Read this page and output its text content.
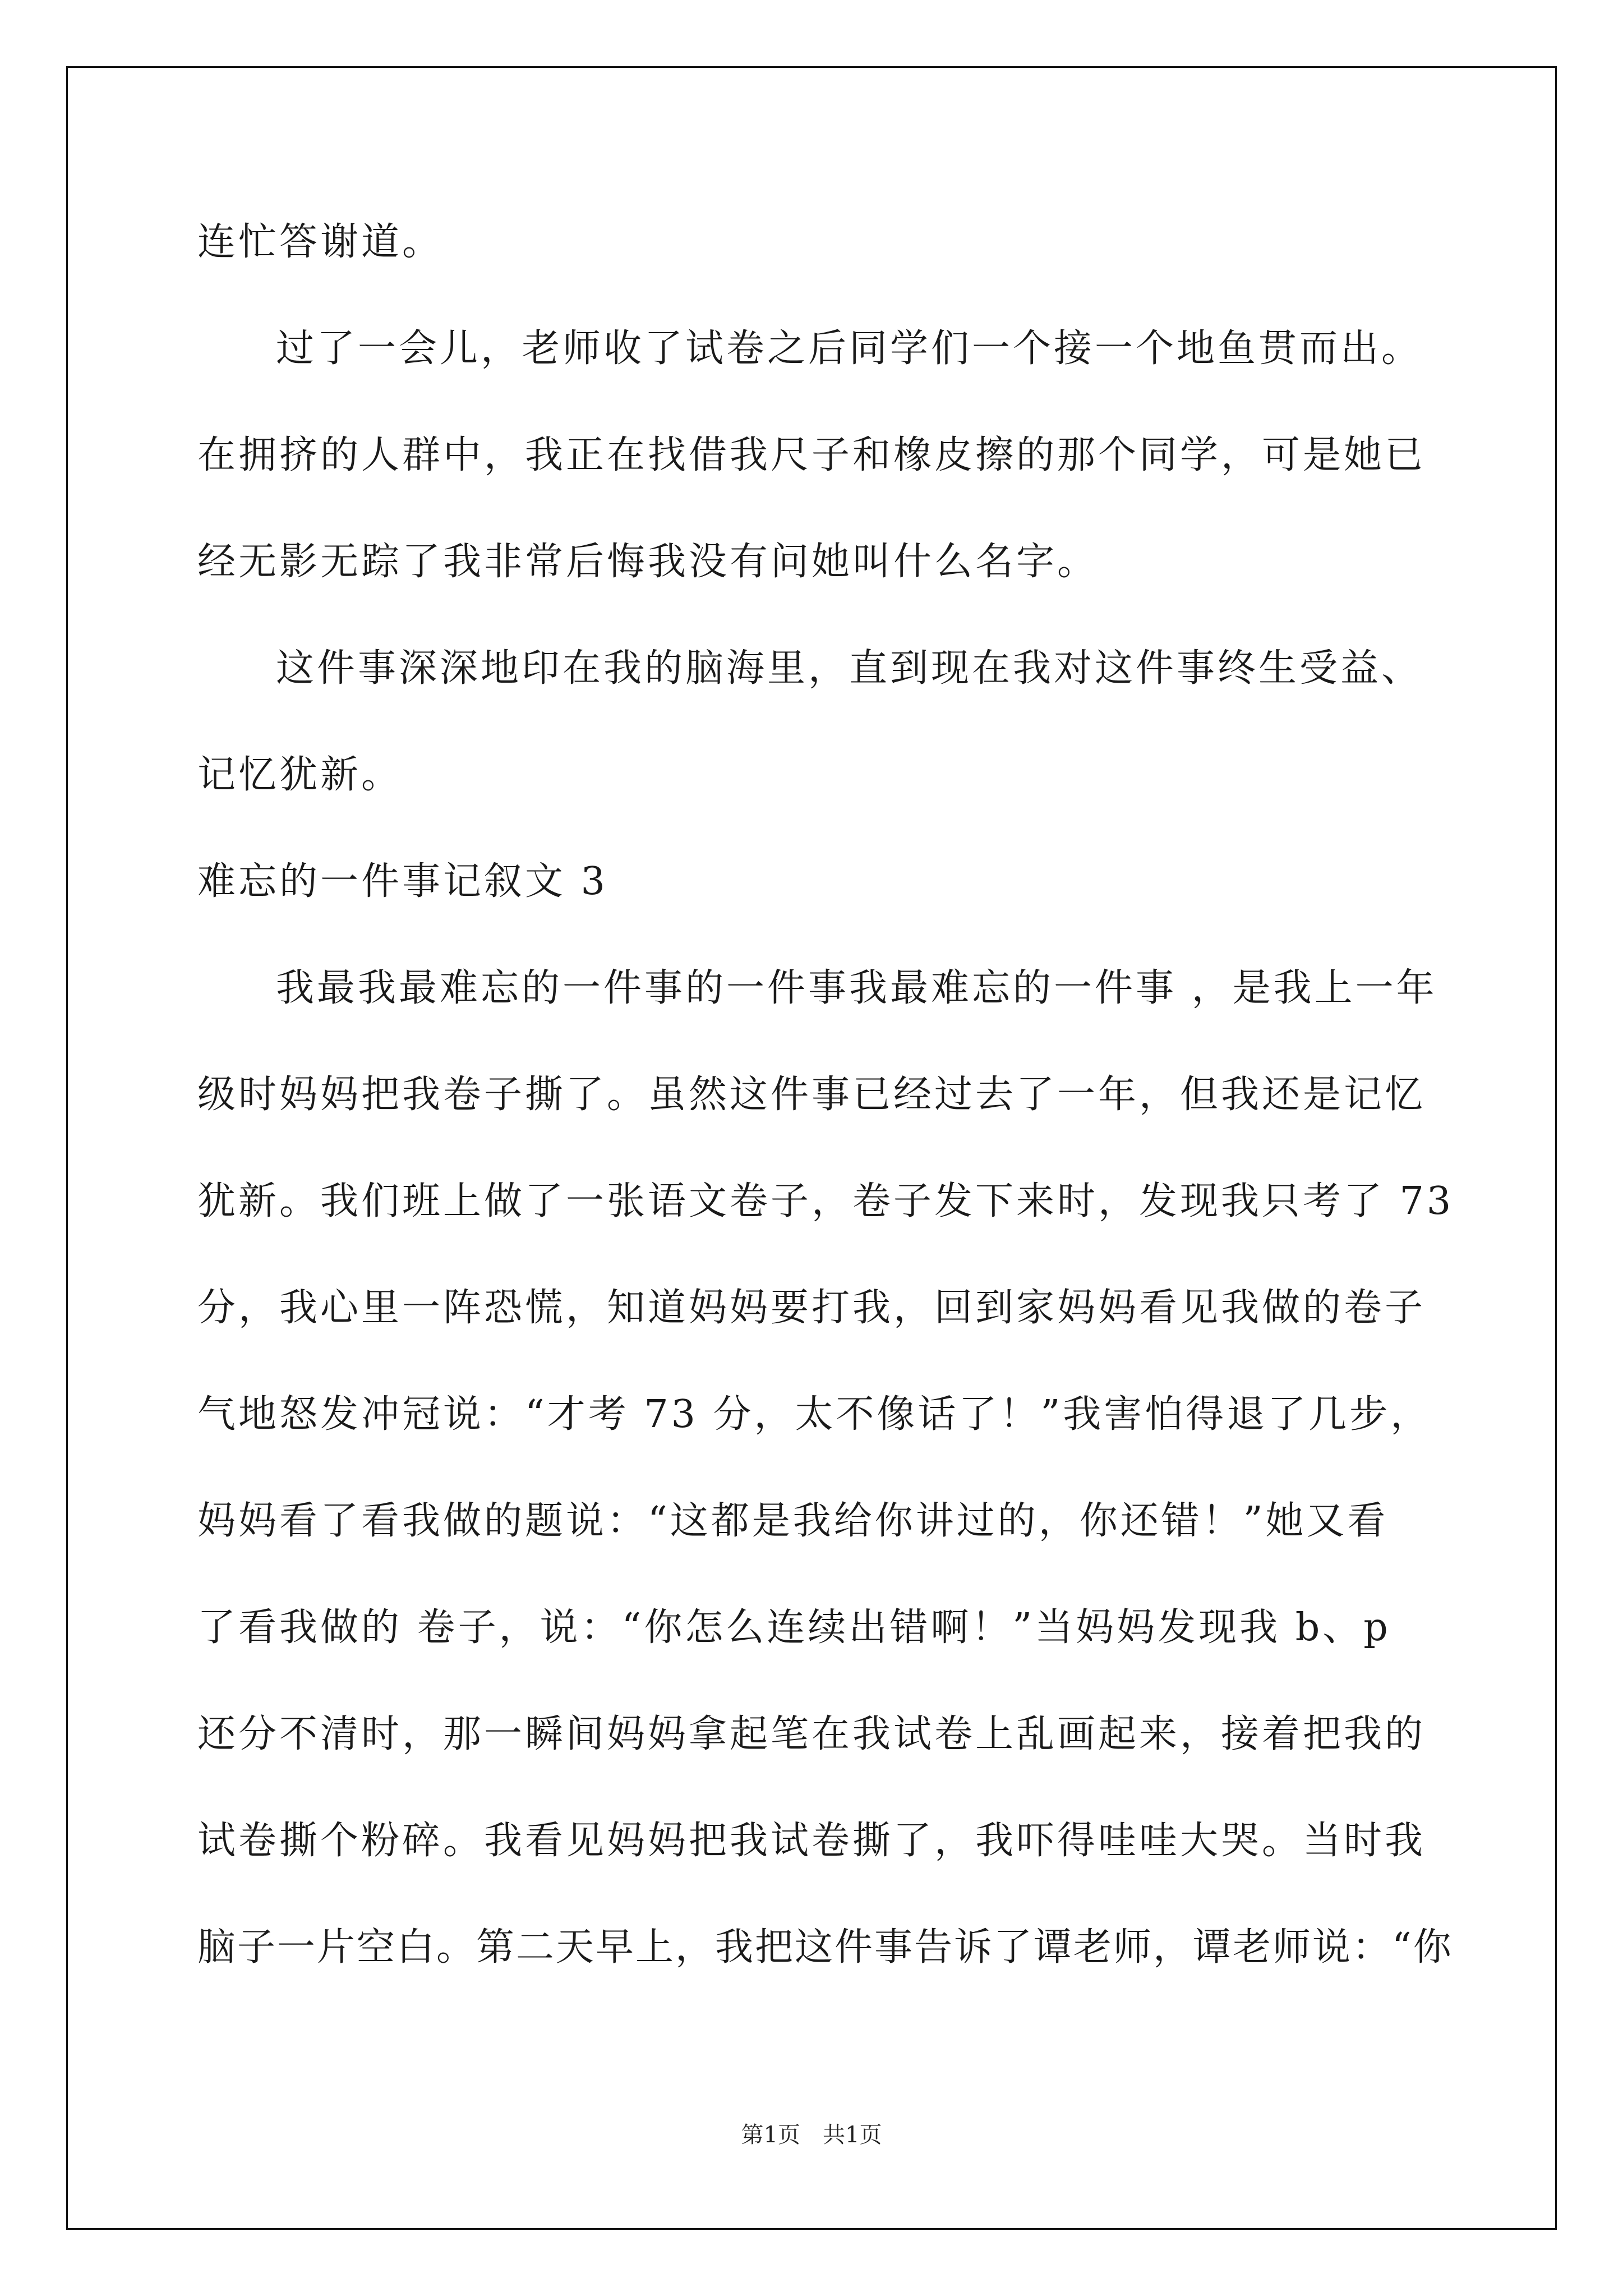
连忙答谢道。
过了一会儿，老师收了试卷之后同学们一个接一个地鱼贯而出。
在拥挤的人群中，我正在找借我尺子和橡皮擦的那个同学，可是她已
经无影无踪了我非常后悔我没有问她叫什么名字。
这件事深深地印在我的脑海里，直到现在我对这件事终生受益、
记忆犹新。
难忘的一件事记叙文 3
我最我最难忘的一件事的一件事我最难忘的一件事 ，是我上一年
级时妈妈把我卷子撕了。虽然这件事已经过去了一年，但我还是记忆
犹新。我们班上做了一张语文卷子，卷子发下来时，发现我只考了 73
分，我心里一阵恐慌，知道妈妈要打我，回到家妈妈看见我做的卷子
气地怒发冲冠说：“才考 73 分，太不像话了！”我害怕得退了几步，
妈妈看了看我做的题说：“这都是我给你讲过的，你还错！”她又看
了看我做的 卷子，说：“你怎么连续出错啊！”当妈妈发现我 b、p
还分不清时，那一瞬间妈妈拿起笔在我试卷上乱画起来，接着把我的
试卷撕个粉碎。我看见妈妈把我试卷撕了，我吓得哇哇大哭。当时我
脑子一片空白。第二天早上，我把这件事告诉了谭老师，谭老师说：“你
第1页　共1页
